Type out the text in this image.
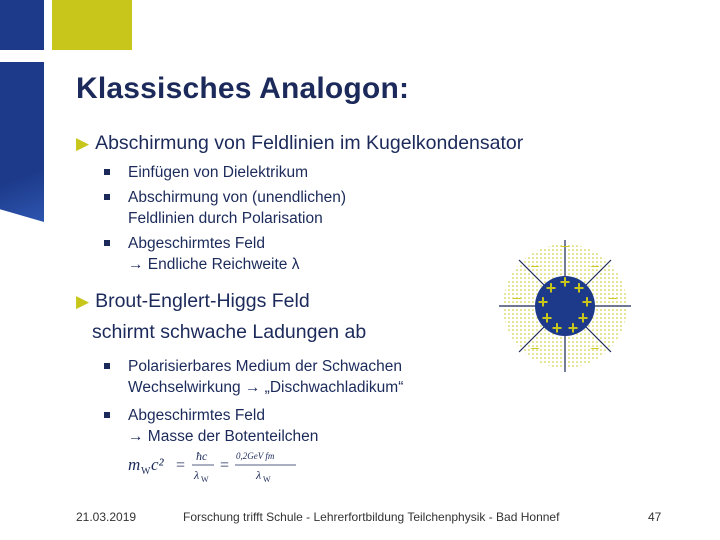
Klassisches Analogon:
▶ Abschirmung von Feldlinien im Kugelkondensator
Einfügen von Dielektrikum
Abschirmung von (unendlichen)
Feldlinien durch Polarisation
Abgeschirmtes Feld
→ Endliche Reichweite λ
▶ Brout-Englert-Higgs Feld
schirmt schwache Ladungen ab
Polarisierbares Medium der Schwachen
Wechselwirkung → „Dischwachladikum“
Abgeschirmtes Feld
→ Masse der Botenteilchen
m W c² =
ħc
λ W
=
0,2GeV fm
λ W
+
+ +
+ +
+ +
+ +
–
–	–
–	–
–	–
21.03.2019	Forschung trifft Schule - Lehrerfortbildung Teilchenphysik - Bad Honnef	47
